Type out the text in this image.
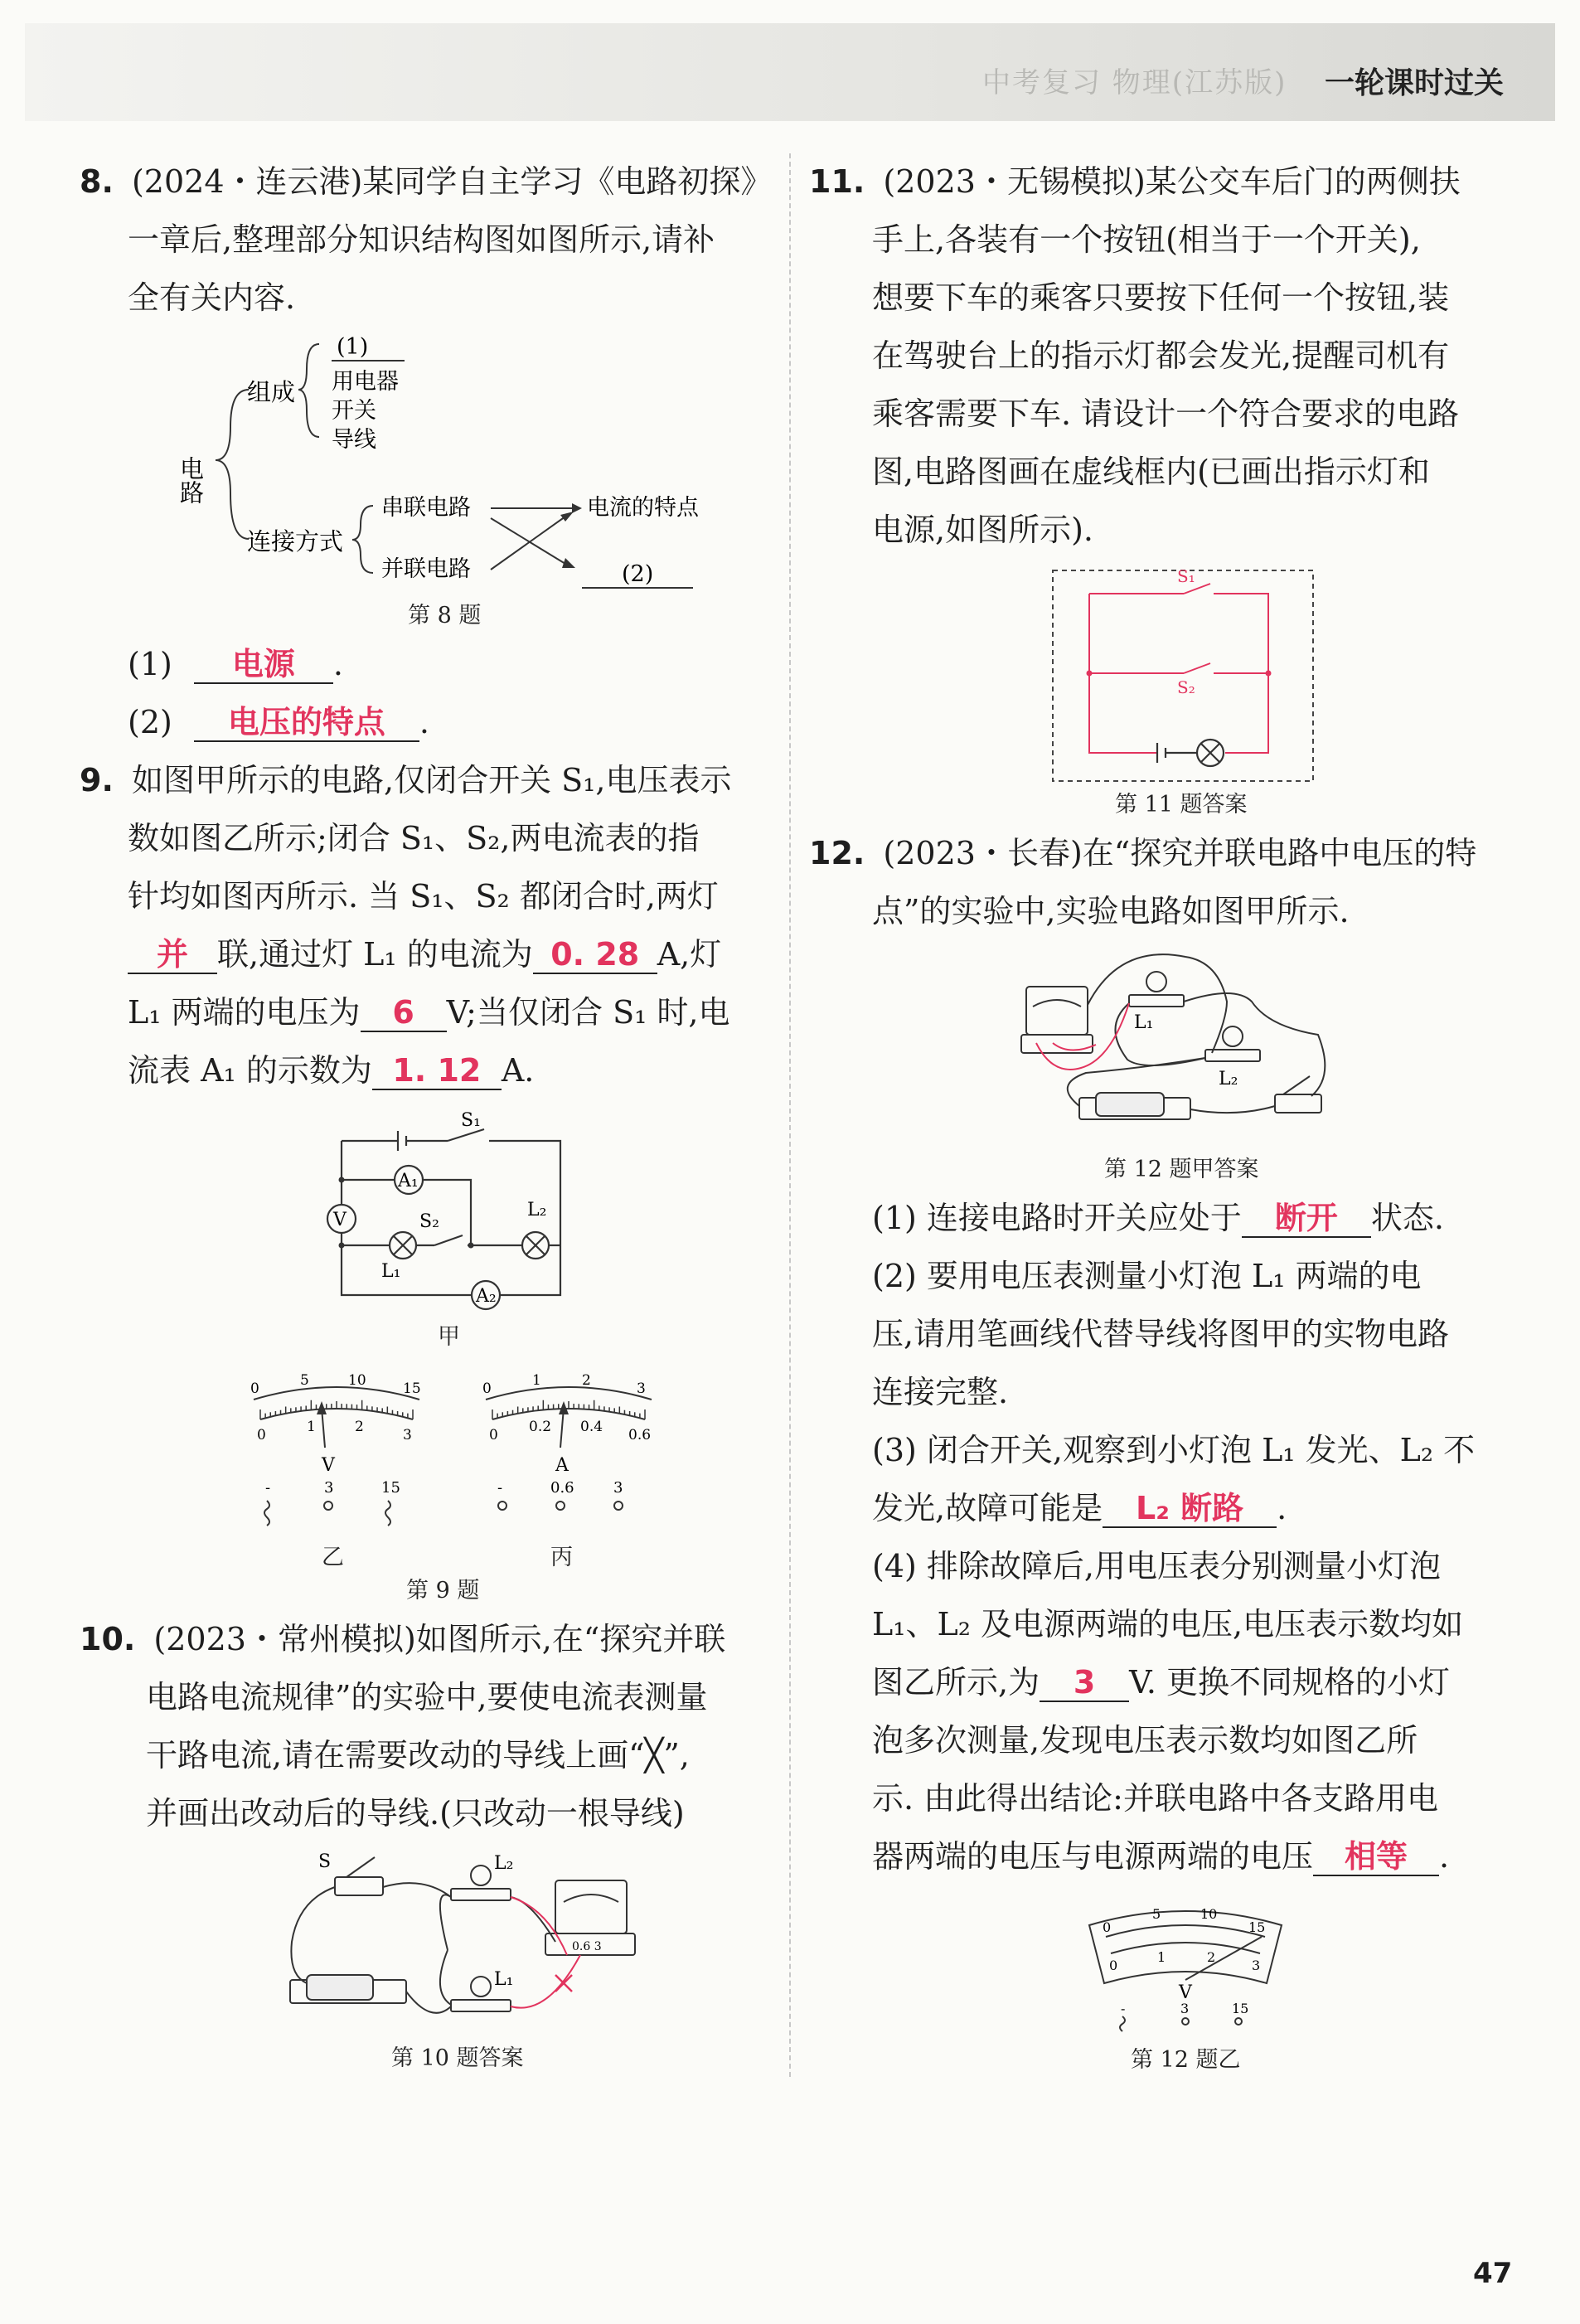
中考复习 物理(江苏版) 一轮课时过关
8. (2024・连云港)某同学自主学习《电路初探》
一章后,整理部分知识结构图如图所示,请补
全有关内容.
电路
组成
(1)
用电器
开关
导线
连接方式
串联电路
并联电路
电流的特点
(2)
第 8 题
(1) 电源 .
(2) 电压的特点 .
9. 如图甲所示的电路,仅闭合开关 S₁,电压表示
数如图乙所示;闭合 S₁、S₂,两电流表的指
针均如图丙所示. 当 S₁、S₂ 都闭合时,两灯
并 联,通过灯 L₁ 的电流为 0. 28 A,灯
L₁ 两端的电压为 6 V;当仅闭合 S₁ 时,电
流表 A₁ 的示数为 1. 12 A.
S₁
A₁
V	S₂
L₂
L₁
A₂
甲
0	5	10	15
0	1	2	3
V
-	3	15
乙
0	1	2	3
0 0.2 0.4 0.6
A
-	0.6	3
丙
第 9 题
10. (2023・常州模拟)如图所示,在“探究并联
电路电流规律”的实验中,要使电流表测量
干路电流,请在需要改动的导线上画“╳”,
并画出改动后的导线.(只改动一根导线)
S	L₂
L₁
0.6 3
第 10 题答案
11. (2023・无锡模拟)某公交车后门的两侧扶
手上,各装有一个按钮(相当于一个开关),
想要下车的乘客只要按下任何一个按钮,装
在驾驶台上的指示灯都会发光,提醒司机有
乘客需要下车. 请设计一个符合要求的电路
图,电路图画在虚线框内(已画出指示灯和
电源,如图所示).
S₁
S₂
第 11 题答案
12. (2023・长春)在“探究并联电路中电压的特
点”的实验中,实验电路如图甲所示.
L₁
L₂
第 12 题甲答案
(1) 连接电路时开关应处于 断开 状态.
(2) 要用电压表测量小灯泡 L₁ 两端的电
压,请用笔画线代替导线将图甲的实物电路
连接完整.
(3) 闭合开关,观察到小灯泡 L₁ 发光、L₂ 不
发光,故障可能是 L₂ 断路 .
(4) 排除故障后,用电压表分别测量小灯泡
L₁、L₂ 及电源两端的电压,电压表示数均如
图乙所示,为 3 V. 更换不同规格的小灯
泡多次测量,发现电压表示数均如图乙所
示. 由此得出结论:并联电路中各支路用电
器两端的电压与电源两端的电压 相等 .
0
5	10
15
0
1	2
3
V
-	3	15
第 12 题乙
47
